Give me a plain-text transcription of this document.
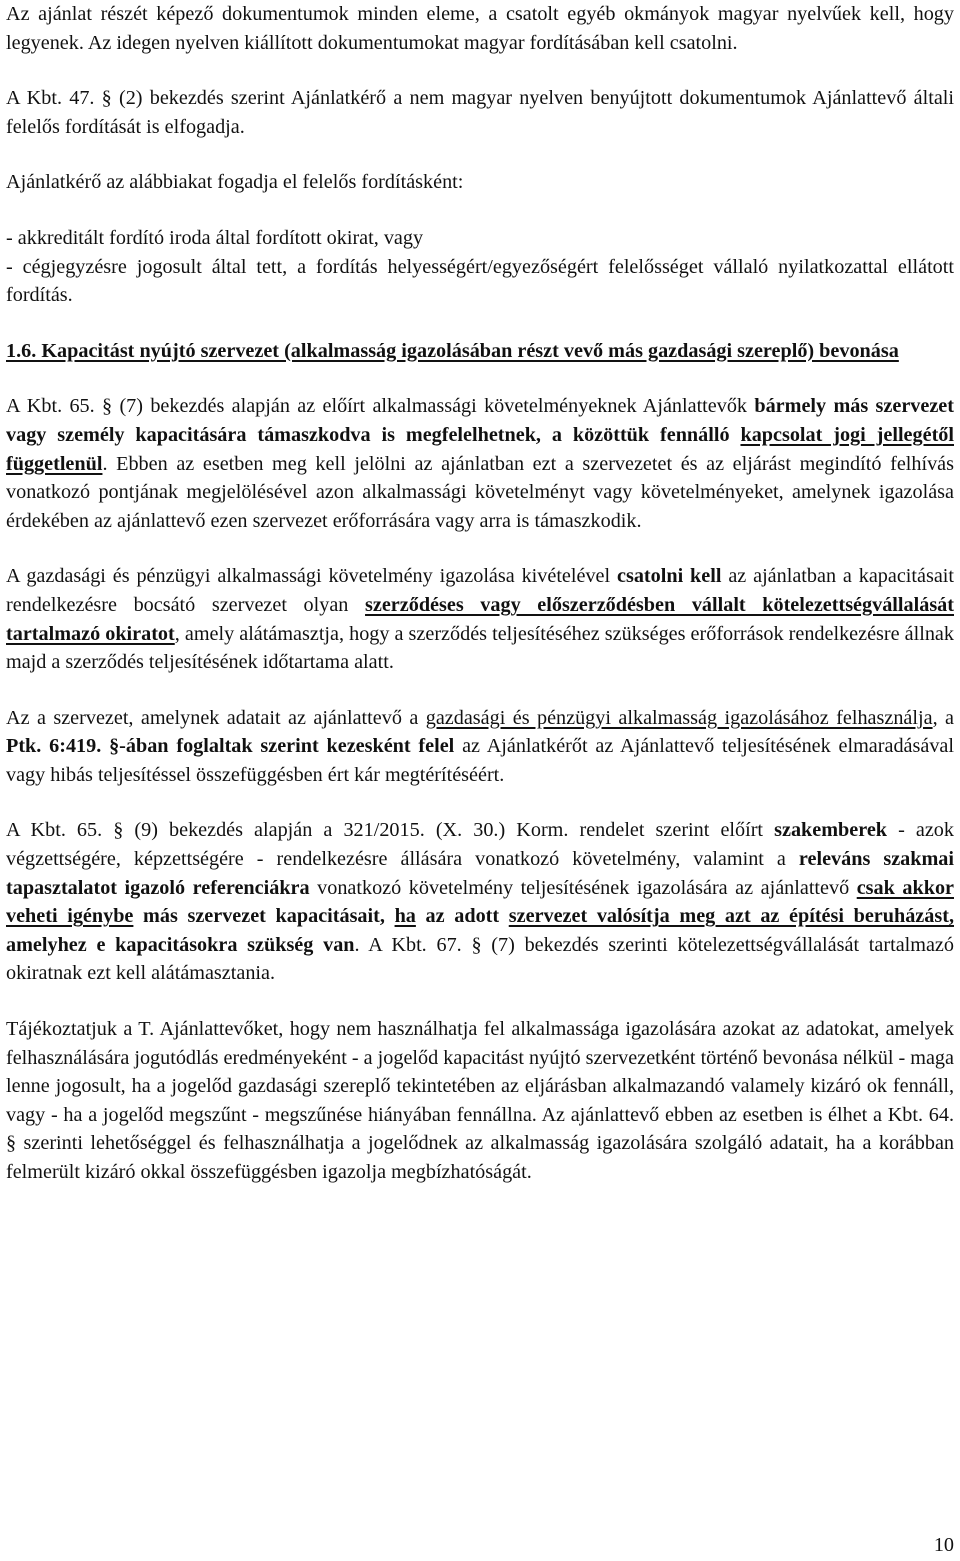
Az ajánlat részét képező dokumentumok minden eleme, a csatolt egyéb okmányok magyar nyelvűek kell, hogy legyenek. Az idegen nyelven kiállított dokumentumokat magyar fordításában kell csatolni.

A Kbt. 47. § (2) bekezdés szerint Ajánlatkérő a nem magyar nyelven benyújtott dokumentumok Ajánlattevő általi felelős fordítását is elfogadja.

Ajánlatkérő az alábbiakat fogadja el felelős fordításként:

- akkreditált fordító iroda által fordított okirat, vagy

- cégjegyzésre jogosult által tett, a fordítás helyességért/egyezőségért felelősséget vállaló nyilatkozattal ellátott fordítás.

1.6. Kapacitást nyújtó szervezet (alkalmasság igazolásában részt vevő más gazdasági szereplő) bevonása

A Kbt. 65. § (7) bekezdés alapján az előírt alkalmassági követelményeknek Ajánlattevők bármely más szervezet vagy személy kapacitására támaszkodva is megfelelhetnek, a közöttük fennálló kapcsolat jogi jellegétől függetlenül. Ebben az esetben meg kell jelölni az ajánlatban ezt a szervezetet és az eljárást megindító felhívás vonatkozó pontjának megjelölésével azon alkalmassági követelményt vagy követelményeket, amelynek igazolása érdekében az ajánlattevő ezen szervezet erőforrására vagy arra is támaszkodik.

A gazdasági és pénzügyi alkalmassági követelmény igazolása kivételével csatolni kell az ajánlatban a kapacitásait rendelkezésre bocsátó szervezet olyan szerződéses vagy előszerződésben vállalt kötelezettségvállalását tartalmazó okiratot, amely alátámasztja, hogy a szerződés teljesítéséhez szükséges erőforrások rendelkezésre állnak majd a szerződés teljesítésének időtartama alatt.

Az a szervezet, amelynek adatait az ajánlattevő a gazdasági és pénzügyi alkalmasság igazolásához felhasználja, a Ptk. 6:419. §-ában foglaltak szerint kezesként felel az Ajánlatkérőt az Ajánlattevő teljesítésének elmaradásával vagy hibás teljesítéssel összefüggésben ért kár megtérítéséért.

A Kbt. 65. § (9) bekezdés alapján a 321/2015. (X. 30.) Korm. rendelet szerint előírt szakemberek - azok végzettségére, képzettségére - rendelkezésre állására vonatkozó követelmény, valamint a releváns szakmai tapasztalatot igazoló referenciákra vonatkozó követelmény teljesítésének igazolására az ajánlattevő csak akkor veheti igénybe más szervezet kapacitásait, ha az adott szervezet valósítja meg azt az építési beruházást, amelyhez e kapacitásokra szükség van. A Kbt. 67. § (7) bekezdés szerinti kötelezettségvállalását tartalmazó okiratnak ezt kell alátámasztania.

Tájékoztatjuk a T. Ajánlattevőket, hogy nem használhatja fel alkalmassága igazolására azokat az adatokat, amelyek felhasználására jogutódlás eredményeként - a jogelőd kapacitást nyújtó szervezetként történő bevonása nélkül - maga lenne jogosult, ha a jogelőd gazdasági szereplő tekintetében az eljárásban alkalmazandó valamely kizáró ok fennáll, vagy - ha a jogelőd megszűnt - megszűnése hiányában fennállna. Az ajánlattevő ebben az esetben is élhet a Kbt. 64. § szerinti lehetőséggel és felhasználhatja a jogelődnek az alkalmasság igazolására szolgáló adatait, ha a korábban felmerült kizáró okkal összefüggésben igazolja megbízhatóságát.

10
